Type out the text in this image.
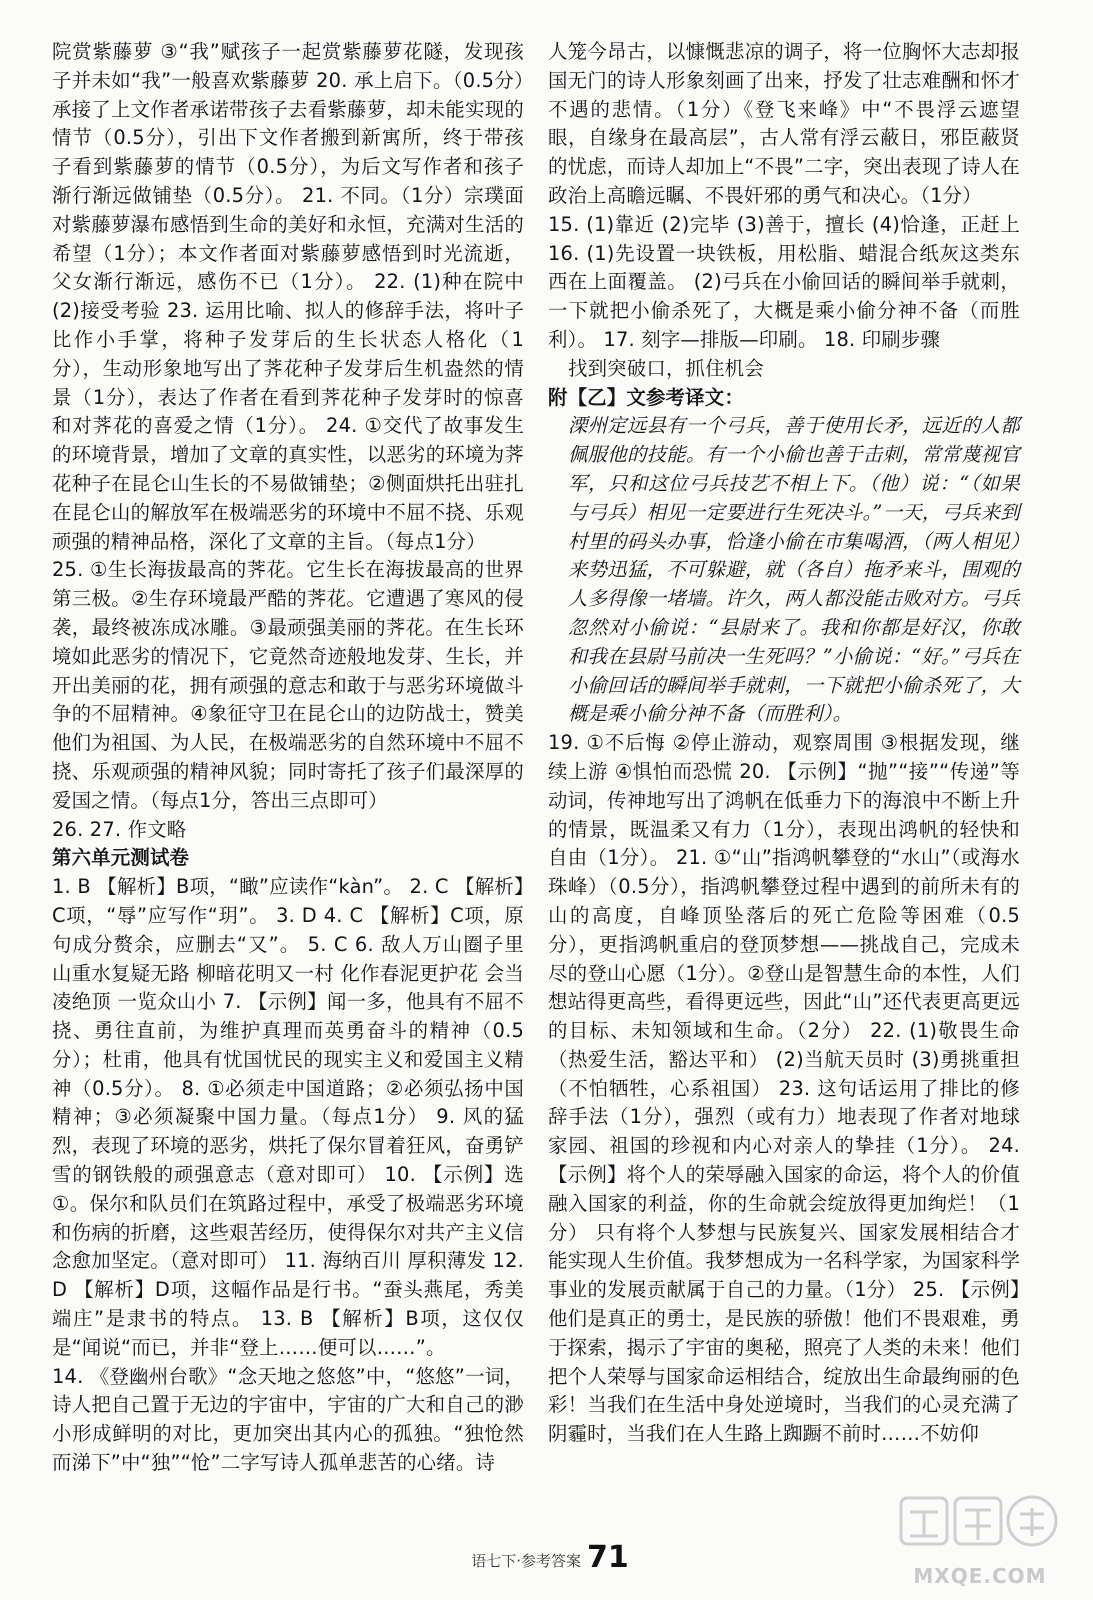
院赏紫藤萝 ③“我”赋孩子一起赏紫藤萝花隧，发现孩子并未如“我”一般喜欢紫藤萝 20. 承上启下。（0.5分）承接了上文作者承诺带孩子去看紫藤萝，却未能实现的情节（0.5分），引出下文作者搬到新寓所，终于带孩子看到紫藤萝的情节（0.5分），为后文写作者和孩子渐行渐远做铺垫（0.5分）。 21. 不同。（1分）宗璞面对紫藤萝瀑布感悟到生命的美好和永恒，充满对生活的希望（1分）；本文作者面对紫藤萝感悟到时光流逝，父女渐行渐远，感伤不已（1分）。 22. (1)种在院中 (2)接受考验 23. 运用比喻、拟人的修辞手法，将叶子比作小手掌，将种子发芽后的生长状态人格化（1分），生动形象地写出了荠花种子发芽后生机盎然的情景（1分），表达了作者在看到荠花种子发芽时的惊喜和对荠花的喜爱之情（1分）。 24. ①交代了故事发生的环境背景，增加了文章的真实性，以恶劣的环境为荠花种子在昆仑山生长的不易做铺垫；②侧面烘托出驻扎在昆仑山的解放军在极端恶劣的环境中不屈不挠、乐观顽强的精神品格，深化了文章的主旨。（每点1分）

25. ①生长海拔最高的荠花。它生长在海拔最高的世界第三极。②生存环境最严酷的荠花。它遭遇了寒风的侵袭，最终被冻成冰雕。③最顽强美丽的荠花。在生长环境如此恶劣的情况下，它竟然奇迹般地发芽、生长，并开出美丽的花，拥有顽强的意志和敢于与恶劣环境做斗争的不屈精神。④象征守卫在昆仑山的边防战士，赞美他们为祖国、为人民，在极端恶劣的自然环境中不屈不挠、乐观顽强的精神风貌；同时寄托了孩子们最深厚的爱国之情。（每点1分，答出三点即可）

26. 27. 作文略

第六单元测试卷

1. B 【解析】B项，“瞰”应读作“kàn”。 2. C 【解析】C项，“辱”应写作“玥”。 3. D 4. C 【解析】C项，原句成分赘余，应删去“又”。 5. C 6. 敌人万山圈子里 山重水复疑无路 柳暗花明又一村 化作春泥更护花 会当凌绝顶 一览众山小 7. 【示例】闻一多，他具有不屈不挠、勇往直前，为维护真理而英勇奋斗的精神（0.5分）；杜甫，他具有忧国忧民的现实主义和爱国主义精神（0.5分）。 8. ①必须走中国道路；②必须弘扬中国精神；③必须凝聚中国力量。（每点1分） 9. 风的猛烈，表现了环境的恶劣，烘托了保尔冒着狂风，奋勇铲雪的钢铁般的顽强意志（意对即可） 10. 【示例】选①。保尔和队员们在筑路过程中，承受了极端恶劣环境和伤病的折磨，这些艰苦经历，使得保尔对共产主义信念愈加坚定。（意对即可） 11. 海纳百川 厚积薄发 12. D 【解析】D项，这幅作品是行书。“蚕头燕尾，秀美端庄”是隶书的特点。 13. B 【解析】B项，这仅仅是“闻说“而已，并非“登上……便可以……”。

14. 《登幽州台歌》“念天地之悠悠”中，“悠悠”一词，诗人把自己置于无边的宇宙中，宇宙的广大和自己的渺小形成鲜明的对比，更加突出其内心的孤独。“独怆然而涕下”中“独”“怆”二字写诗人孤单悲苦的心绪。诗

人笼今昂古，以慷慨悲凉的调子，将一位胸怀大志却报国无门的诗人形象刻画了出来，抒发了壮志难酬和怀才不遇的悲情。（1分）《登飞来峰》中“不畏浮云遮望眼，自缘身在最高层”，古人常有浮云蔽日，邪臣蔽贤的忧虑，而诗人却加上“不畏”二字，突出表现了诗人在政治上高瞻远瞩、不畏奸邪的勇气和决心。（1分）

15. (1)靠近 (2)完毕 (3)善于，擅长 (4)恰逢，正赶上 16. (1)先设置一块铁板，用松脂、蜡混合纸灰这类东西在上面覆盖。 (2)弓兵在小偷回话的瞬间举手就刺，一下就把小偷杀死了，大概是乘小偷分神不备（而胜利）。 17. 刻字—排版—印刷。 18. 印刷步骤

找到突破口，抓住机会

附【乙】文参考译文：

溧州定远县有一个弓兵，善于使用长矛，远近的人都佩服他的技能。有一个小偷也善于击刺，常常蔑视官军，只和这位弓兵技艺不相上下。（他）说：“（如果与弓兵）相见一定要进行生死决斗。”一天，弓兵来到村里的码头办事，恰逢小偷在市集喝酒，（两人相见）来势迅猛，不可躲避，就（各自）拖矛来斗，围观的人多得像一堵墙。许久，两人都没能击败对方。弓兵忽然对小偷说：“县尉来了。我和你都是好汉，你敢和我在县尉马前决一生死吗？”小偷说：“好。”弓兵在小偷回话的瞬间举手就刺，一下就把小偷杀死了，大概是乘小偷分神不备（而胜利）。

19. ①不后悔 ②停止游动，观察周围 ③根据发现，继续上游 ④惧怕而恐慌 20. 【示例】“抛”“接”“传递”等动词，传神地写出了鸿帆在低垂力下的海浪中不断上升的情景，既温柔又有力（1分），表现出鸿帆的轻快和自由（1分）。 21. ①“山”指鸿帆攀登的“水山”（或海水珠峰）（0.5分），指鸿帆攀登过程中遇到的前所未有的山的高度，自峰顶坠落后的死亡危险等困难（0.5分），更指鸿帆重启的登顶梦想——挑战自己，完成未尽的登山心愿（1分）。②登山是智慧生命的本性，人们想站得更高些，看得更远些，因此“山”还代表更高更远的目标、未知领域和生命。（2分） 22. (1)敬畏生命（热爱生活，豁达平和） (2)当航天员时 (3)勇挑重担（不怕牺牲，心系祖国） 23. 这句话运用了排比的修辞手法（1分），强烈（或有力）地表现了作者对地球家园、祖国的珍视和内心对亲人的挚挂（1分）。 24. 【示例】将个人的荣辱融入国家的命运，将个人的价值融入国家的利益，你的生命就会绽放得更加绚烂！（1分） 只有将个人梦想与民族复兴、国家发展相结合才能实现人生价值。我梦想成为一名科学家，为国家科学事业的发展贡献属于自己的力量。（1分） 25. 【示例】他们是真正的勇士，是民族的骄傲！他们不畏艰难，勇于探索，揭示了宇宙的奥秘，照亮了人类的未来！他们把个人荣辱与国家命运相结合，绽放出生命最绚丽的色彩！当我们在生活中身处逆境时，当我们的心灵充满了阴霾时，当我们在人生路上踟蹰不前时……不妨仰

语七下·参考答案 71
MXQE.COM
